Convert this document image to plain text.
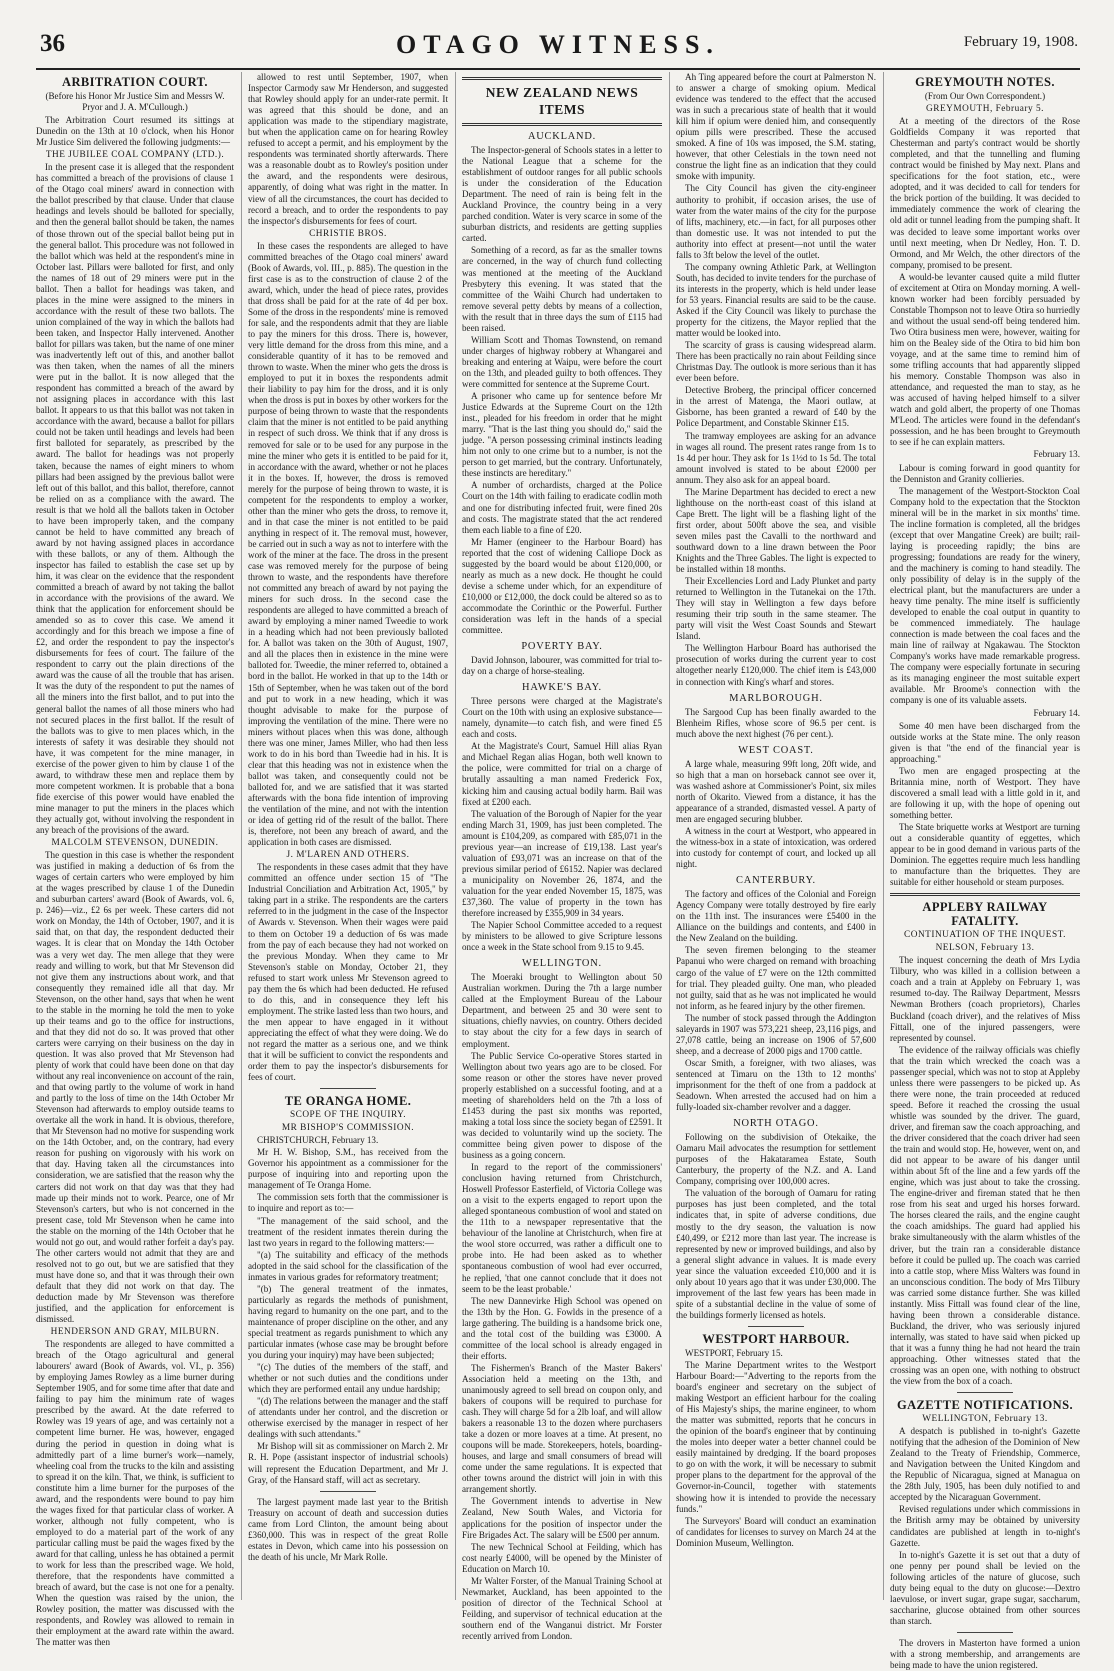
36	OTAGO WITNESS.	February 19, 1908.
ARBITRATION COURT.

(Before his Honor Mr Justice Sim and Messrs W. Pryor and J. A. M'Cullough.)

The Arbitration Court resumed its sittings at Dunedin on the 13th at 10 o'clock, when his Honor Mr Justice Sim delivered the following judgments:—

THE JUBILEE COAL COMPANY (LTD.).

In the present case it is alleged that the respondent has committed a breach of the provisions of clause 1 of the Otago coal miners' award in connection with the ballot prescribed by that clause. Under that clause headings and levels should be balloted for specially, and then the general ballot should be taken, the names of those thrown out of the special ballot being put in the general ballot. This procedure was not followed in the ballot which was held at the respondent's mine in October last. Pillars were balloted for first, and only the names of 18 out of 29 miners were put in the ballot. Then a ballot for headings was taken, and places in the mine were assigned to the miners in accordance with the result of these two ballots. The union complained of the way in which the ballots had been taken, and Inspector Hally intervened. Another ballot for pillars was taken, but the name of one miner was inadvertently left out of this, and another ballot was then taken, when the names of all the miners were put in the ballot. It is now alleged that the respondent has committed a breach of the award by not assigning places in accordance with this last ballot. It appears to us that this ballot was not taken in accordance with the award, because a ballot for pillars could not be taken until headings and levels had been first balloted for separately, as prescribed by the award. The ballot for headings was not properly taken, because the names of eight miners to whom pillars had been assigned by the previous ballot were left out of this ballot, and this ballot, therefore, cannot be relied on as a compliance with the award. The result is that we hold all the ballots taken in October to have been improperly taken, and the company cannot be held to have committed any breach of award by not having assigned places in accordance with these ballots, or any of them. Although the inspector has failed to establish the case set up by him, it was clear on the evidence that the respondent committed a breach of award by not taking the ballot in accordance with the provisions of the award. We think that the application for enforcement should be amended so as to cover this case. We amend it accordingly and for this breach we impose a fine of £2, and order the respondent to pay the inspector's disbursements for fees of court. The failure of the respondent to carry out the plain directions of the award was the cause of all the trouble that has arisen. It was the duty of the respondent to put the names of all the miners into the first ballot, and to put into the general ballot the names of all those miners who had not secured places in the first ballot. If the result of the ballots was to give to men places which, in the interests of safety it was desirable they should not have, it was competent for the mine manager, in exercise of the power given to him by clause 1 of the award, to withdraw these men and replace them by more competent workmen. It is probable that a bona fide exercise of this power would have enabled the mine manager to put the miners in the places which they actually got, without involving the respondent in any breach of the provisions of the award.

MALCOLM STEVENSON, DUNEDIN.

The question in this case is whether the respondent was justified in making a deduction of 6s from the wages of certain carters who were employed by him at the wages prescribed by clause 1 of the Dunedin and suburban carters' award (Book of Awards, vol. 6, p. 246)—viz., £2 6s per week. These carters did not work on Monday, the 14th of October, 1907, and it is said that, on that day, the respondent deducted their wages. It is clear that on Monday the 14th October was a very wet day. The men allege that they were ready and willing to work, but that Mr Stevenson did not give them any instructions about work, and that consequently they remained idle all that day. Mr Stevenson, on the other hand, says that when he went to the stable in the morning he told the men to yoke up their teams and go to the office for instructions, and that they did not do so. It was proved that other carters were carrying on their business on the day in question. It was also proved that Mr Stevenson had plenty of work that could have been done on that day without any real inconvenience on account of the rain, and that owing partly to the volume of work in hand and partly to the loss of time on the 14th October Mr Stevenson had afterwards to employ outside teams to overtake all the work in hand. It is obvious, therefore, that Mr Stevenson had no motive for suspending work on the 14th October, and, on the contrary, had every reason for pushing on vigorously with his work on that day. Having taken all the circumstances into consideration, we are satisfied that the reason why the carters did not work on that day was that they had made up their minds not to work. Pearce, one of Mr Stevenson's carters, but who is not concerned in the present case, told Mr Stevenson when he came into the stable on the morning of the 14th October that he would not go out, and would rather forfeit a day's pay. The other carters would not admit that they are and resolved not to go out, but we are satisfied that they must have done so, and that it was through their own default that they did not work on that day. The deduction made by Mr Stevenson was therefore justified, and the application for enforcement is dismissed.

HENDERSON AND GRAY, MILBURN.

The respondents are alleged to have committed a breach of the Otago agricultural and general labourers' award (Book of Awards, vol. VI., p. 356) by employing James Rowley as a lime burner during September 1905, and for some time after that date and failing to pay him the minimum rate of wages prescribed by the award. At the date referred to Rowley was 19 years of age, and was certainly not a competent lime burner. He was, however, engaged during the period in question in doing what is admittedly part of a lime burner's work—namely, wheeling coal from the trucks to the kiln and assisting to spread it on the kiln. That, we think, is sufficient to constitute him a lime burner for the purposes of the award, and the respondents were bound to pay him the wages fixed for that particular class of worker. A worker, although not fully competent, who is employed to do a material part of the work of any particular calling must be paid the wages fixed by the award for that calling, unless he has obtained a permit to work for less than the prescribed wage. We hold, therefore, that the respondents have committed a breach of award, but the case is not one for a penalty. When the question was raised by the union, the Rowley position, the matter was discussed with the respondents, and Rowley was allowed to remain in their employment at the award rate within the award. The matter was then

allowed to rest until September, 1907, when Inspector Carmody saw Mr Henderson, and suggested that Rowley should apply for an under-rate permit. It was agreed that this should be done, and an application was made to the stipendiary magistrate, but when the application came on for hearing Rowley refused to accept a permit, and his employment by the respondents was terminated shortly afterwards. There was a reasonable doubt as to Rowley's position under the award, and the respondents were desirous, apparently, of doing what was right in the matter. In view of all the circumstances, the court has decided to record a breach, and to order the respondents to pay the inspector's disbursements for fees of court.

CHRISTIE BROS.

In these cases the respondents are alleged to have committed breaches of the Otago coal miners' award (Book of Awards, vol. III., p. 885). The question in the first case is as to the construction of clause 2 of the award, which, under the head of piece rates, provides that dross shall be paid for at the rate of 4d per box. Some of the dross in the respondents' mine is removed for sale, and the respondents admit that they are liable to pay the miners for this dross. There is, however, very little demand for the dross from this mine, and a considerable quantity of it has to be removed and thrown to waste. When the miner who gets the dross is employed to put it in boxes the respondents admit their liability to pay him for the dross, and it is only when the dross is put in boxes by other workers for the purpose of being thrown to waste that the respondents claim that the miner is not entitled to be paid anything in respect of such dross. We think that if any dross is removed for sale or to be used for any purpose in the mine the miner who gets it is entitled to be paid for it, in accordance with the award, whether or not he places it in the boxes. If, however, the dross is removed merely for the purpose of being thrown to waste, it is competent for the respondents to employ a worker, other than the miner who gets the dross, to remove it, and in that case the miner is not entitled to be paid anything in respect of it. The removal must, however, be carried out in such a way as not to interfere with the work of the miner at the face. The dross in the present case was removed merely for the purpose of being thrown to waste, and the respondents have therefore not committed any breach of award by not paying the miners for such dross. In the second case the respondents are alleged to have committed a breach of award by employing a miner named Tweedie to work in a heading which had not been previously balloted for. A ballot was taken on the 30th of August, 1907, and all the places then in existence in the mine were balloted for. Tweedie, the miner referred to, obtained a bord in the ballot. He worked in that up to the 14th or 15th of September, when he was taken out of the bord and put to work in a new heading, which it was thought advisable to make for the purpose of improving the ventilation of the mine. There were no miners without places when this was done, although there was one miner, James Miller, who had then less work to do in his bord than Tweedie had in his. It is clear that this heading was not in existence when the ballot was taken, and consequently could not be balloted for, and we are satisfied that it was started afterwards with the bona fide intention of improving the ventilation of the mine, and not with the intention or idea of getting rid of the result of the ballot. There is, therefore, not been any breach of award, and the application in both cases are dismissed.

J. M'LAREN AND OTHERS.

The respondents in these cases admit that they have committed an offence under section 15 of "The Industrial Conciliation and Arbitration Act, 1905," by taking part in a strike. The respondents are the carters referred to in the judgment in the case of the Inspector of Awards v. Stevenson. When their wages were paid to them on October 19 a deduction of 6s was made from the pay of each because they had not worked on the previous Monday. When they came to Mr Stevenson's stable on Monday, October 21, they refused to start work unless Mr Stevenson agreed to pay them the 6s which had been deducted. He refused to do this, and in consequence they left his employment. The strike lasted less than two hours, and the men appear to have engaged in it without appreciating the effect of what they were doing. We do not regard the matter as a serious one, and we think that it will be sufficient to convict the respondents and order them to pay the inspector's disbursements for fees of court.

TE ORANGA HOME.
SCOPE OF THE INQUIRY.
MR BISHOP'S COMMISSION.

CHRISTCHURCH, February 13.

Mr H. W. Bishop, S.M., has received from the Governor his appointment as a commissioner for the purpose of inquiring into and reporting upon the management of Te Oranga Home.

The commission sets forth that the commissioner is to inquire and report as to:—

"The management of the said school, and the treatment of the resident inmates therein during the last two years in regard to the following matters:—

"(a) The suitability and efficacy of the methods adopted in the said school for the classification of the inmates in various grades for reformatory treatment;

"(b) The general treatment of the inmates, particularly as regards the methods of punishment, having regard to humanity on the one part, and to the maintenance of proper discipline on the other, and any special treatment as regards punishment to which any particular inmates (whose case may be brought before you during your inquiry) may have been subjected;

"(c) The duties of the members of the staff, and whether or not such duties and the conditions under which they are performed entail any undue hardship;

"(d) The relations between the manager and the staff of attendants under her control, and the discretion or otherwise exercised by the manager in respect of her dealings with such attendants."

Mr Bishop will sit as commissioner on March 2. Mr R. H. Pope (assistant inspector of industrial schools) will represent the Education Department, and Mr J. Gray, of the Hansard staff, will act as secretary.

The largest payment made last year to the British Treasury on account of death and succession duties came from Lord Clinton, the amount being about £360,000. This was in respect of the great Rolle estates in Devon, which came into his possession on the death of his uncle, Mr Mark Rolle.

NEW ZEALAND NEWS ITEMS
AUCKLAND.

The Inspector-general of Schools states in a letter to the National League that a scheme for the establishment of outdoor ranges for all public schools is under the consideration of the Education Department. The need of rain is being felt in the Auckland Province, the country being in a very parched condition. Water is very scarce in some of the suburban districts, and residents are getting supplies carted.

Something of a record, as far as the smaller towns are concerned, in the way of church fund collecting was mentioned at the meeting of the Auckland Presbytery this evening. It was stated that the committee of the Waihi Church had undertaken to remove several petty debts by means of a collection, with the result that in three days the sum of £115 had been raised.

William Scott and Thomas Townstend, on remand under charges of highway robbery at Whangarei and breaking and entering at Waipu, were before the court on the 13th, and pleaded guilty to both offences. They were committed for sentence at the Supreme Court.

A prisoner who came up for sentence before Mr Justice Edwards at the Supreme Court on the 12th inst., pleaded for his freedom in order that he might marry. "That is the last thing you should do," said the judge. "A person possessing criminal instincts leading him not only to one crime but to a number, is not the person to get married, but the contrary. Unfortunately, these instincts are hereditary."

A number of orchardists, charged at the Police Court on the 14th with failing to eradicate codlin moth and one for distributing infected fruit, were fined 20s and costs. The magistrate stated that the act rendered them each liable to a fine of £20.

Mr Hamer (engineer to the Harbour Board) has reported that the cost of widening Calliope Dock as suggested by the board would be about £120,000, or nearly as much as a new dock. He thought he could devise a scheme under which, for an expenditure of £10,000 or £12,000, the dock could be altered so as to accommodate the Corinthic or the Powerful. Further consideration was left in the hands of a special committee.

POVERTY BAY.

David Johnson, labourer, was committed for trial to-day on a charge of horse-stealing.

HAWKE'S BAY.

Three persons were charged at the Magistrate's Court on the 10th with using an explosive substance—namely, dynamite—to catch fish, and were fined £5 each and costs.

At the Magistrate's Court, Samuel Hill alias Ryan and Michael Regan alias Hogan, both well known to the police, were committed for trial on a charge of brutally assaulting a man named Frederick Fox, kicking him and causing actual bodily harm. Bail was fixed at £200 each.

The valuation of the Borough of Napier for the year ending March 31, 1909, has just been completed. The amount is £104,209, as compared with £85,071 in the previous year—an increase of £19,138. Last year's valuation of £93,071 was an increase on that of the previous similar period of £6152. Napier was declared a municipality on November 26, 1874, and the valuation for the year ended November 15, 1875, was £37,360. The value of property in the town has therefore increased by £355,909 in 34 years.

The Napier School Committee acceded to a request by ministers to be allowed to give Scripture lessons once a week in the State school from 9.15 to 9.45.

WELLINGTON.

The Moeraki brought to Wellington about 50 Australian workmen. During the 7th a large number called at the Employment Bureau of the Labour Department, and between 25 and 30 were sent to situations, chiefly navvies, on country. Others decided to stay about the city for a few days in search of employment.

The Public Service Co-operative Stores started in Wellington about two years ago are to be closed. For some reason or other the stores have never proved properly established on a successful footing, and at a meeting of shareholders held on the 7th a loss of £1453 during the past six months was reported, making a total loss since the society began of £2591. It was decided to voluntarily wind up the society. The committee being given power to dispose of the business as a going concern.

In regard to the report of the commissioners' conclusion having returned from Christchurch, Hoswell Professor Easterfield, of Victoria College was on a visit to the experts engaged to report upon the alleged spontaneous combustion of wool and stated on the 11th to a newspaper representative that the behaviour of the lanoline at Christchurch, when fire at the wool store occurred, was rather a difficult one to probe into. He had been asked as to whether spontaneous combustion of wool had ever occurred, he replied, 'that one cannot conclude that it does not seem to be the least probable.'

The new Dannevirke High School was opened on the 13th by the Hon. G. Fowlds in the presence of a large gathering. The building is a handsome brick one, and the total cost of the building was £3000. A committee of the local school is already engaged in their efforts.

The Fishermen's Branch of the Master Bakers' Association held a meeting on the 13th, and unanimously agreed to sell bread on coupon only, and bakers of coupons will be required to purchase for cash. They will charge 5d for a 2lb loaf, and will allow bakers a reasonable 13 to the dozen where purchasers take a dozen or more loaves at a time. At present, no coupons will be made. Storekeepers, hotels, boarding-houses, and large and small consumers of bread will come under the same regulations. It is expected that other towns around the district will join in with this arrangement shortly.

The Government intends to advertise in New Zealand, New South Wales, and Victoria for applications for the position of inspector under the Fire Brigades Act. The salary will be £500 per annum.

The new Technical School at Feilding, which has cost nearly £4000, will be opened by the Minister of Education on March 10.

Mr Walter Forster, of the Manual Training School at Newmarket, Auckland, has been appointed to the position of director of the Technical School at Feilding, and supervisor of technical education at the southern end of the Wanganui district. Mr Forster recently arrived from London.

Ah Ting appeared before the court at Palmerston N. to answer a charge of smoking opium. Medical evidence was tendered to the effect that the accused was in such a precarious state of health that it would kill him if opium were denied him, and consequently opium pills were prescribed. These the accused smoked. A fine of 10s was imposed, the S.M. stating, however, that other Celestials in the town need not construe the light fine as an indication that they could smoke with impunity.

The City Council has given the city-engineer authority to prohibit, if occasion arises, the use of water from the water mains of the city for the purpose of lifts, machinery, etc.—in fact, for all purposes other than domestic use. It was not intended to put the authority into effect at present—not until the water falls to 3ft below the level of the outlet.

The company owning Athletic Park, at Wellington South, has decided to invite tenders for the purchase of its interests in the property, which is held under lease for 53 years. Financial results are said to be the cause. Asked if the City Council was likely to purchase the property for the citizens, the Mayor replied that the matter would be looked into.

The scarcity of grass is causing widespread alarm. There has been practically no rain about Feilding since Christmas Day. The outlook is more serious than it has ever been before.

Detective Broberg, the principal officer concerned in the arrest of Matenga, the Maori outlaw, at Gisborne, has been granted a reward of £40 by the Police Department, and Constable Skinner £15.

The tramway employees are asking for an advance in wages all round. The present rates range from 1s to 1s 4d per hour. They ask for 1s 1½d to 1s 5d. The total amount involved is stated to be about £2000 per annum. They also ask for an appeal board.

The Marine Department has decided to erect a new lighthouse on the north-east coast of this island at Cape Brett. The light will be a flashing light of the first order, about 500ft above the sea, and visible seven miles past the Cavalli to the northward and southward down to a line drawn between the Poor Knights and the Three Gables. The light is expected to be installed within 18 months.

Their Excellencies Lord and Lady Plunket and party returned to Wellington in the Tutanekai on the 17th. They will stay in Wellington a few days before resuming their trip south in the same steamer. The party will visit the West Coast Sounds and Stewart Island.

The Wellington Harbour Board has authorised the prosecution of works during the current year to cost altogether nearly £120,000. The chief item is £43,000 in connection with King's wharf and stores.

MARLBOROUGH.

The Sargood Cup has been finally awarded to the Blenheim Rifles, whose score of 96.5 per cent. is much above the next highest (76 per cent.).

WEST COAST.

A large whale, measuring 99ft long, 20ft wide, and so high that a man on horseback cannot see over it, was washed ashore at Commissioner's Point, six miles north of Okarito. Viewed from a distance, it has the appearance of a stranded, dismasted vessel. A party of men are engaged securing blubber.

A witness in the court at Westport, who appeared in the witness-box in a state of intoxication, was ordered into custody for contempt of court, and locked up all night.

CANTERBURY.

The factory and offices of the Colonial and Foreign Agency Company were totally destroyed by fire early on the 11th inst. The insurances were £5400 in the Alliance on the buildings and contents, and £400 in the New Zealand on the building.

The seven firemen belonging to the steamer Papanui who were charged on remand with broaching cargo of the value of £7 were on the 12th committed for trial. They pleaded guilty. One man, who pleaded not guilty, said that as he was not implicated he would not inform, as he feared injury by the other firemen.

The number of stock passed through the Addington saleyards in 1907 was 573,221 sheep, 23,116 pigs, and 27,078 cattle, being an increase on 1906 of 57,600 sheep, and a decrease of 2000 pigs and 1700 cattle.

Oscar Smith, a foreigner, with two aliases, was sentenced at Timaru on the 13th to 12 months' imprisonment for the theft of one from a paddock at Seadown. When arrested the accused had on him a fully-loaded six-chamber revolver and a dagger.

NORTH OTAGO.

Following on the subdivision of Otekaike, the Oamaru Mail advocates the resumption for settlement purposes of the Hakataramea Estate, South Canterbury, the property of the N.Z. and A. Land Company, comprising over 100,000 acres.

The valuation of the borough of Oamaru for rating purposes has just been completed, and the total indicates that, in spite of adverse conditions, due mostly to the dry season, the valuation is now £40,499, or £212 more than last year. The increase is represented by new or improved buildings, and also by a general slight advance in values. It is made every year since the valuation exceeded £10,000 and it is only about 10 years ago that it was under £30,000. The improvement of the last few years has been made in spite of a substantial decline in the value of some of the buildings formerly licensed as hotels.

WESTPORT HARBOUR.

WESTPORT, February 15.

The Marine Department writes to the Westport Harbour Board:—"Adverting to the reports from the board's engineer and secretary on the subject of making Westport an efficient harbour for the coaling of His Majesty's ships, the marine engineer, to whom the matter was submitted, reports that he concurs in the opinion of the board's engineer that by continuing the moles into deeper water a better channel could be easily maintained by dredging. If the board proposes to go on with the work, it will be necessary to submit proper plans to the department for the approval of the Governor-in-Council, together with statements showing how it is intended to provide the necessary funds."

The Surveyors' Board will conduct an examination of candidates for licenses to survey on March 24 at the Dominion Museum, Wellington.

GREYMOUTH NOTES.

(From Our Own Correspondent.)

GREYMOUTH, February 5.

At a meeting of the directors of the Rose Goldfields Company it was reported that Chesterman and party's contract would be shortly completed, and that the tunnelling and fluming contract would be finished by May next. Plans and specifications for the foot station, etc., were adopted, and it was decided to call for tenders for the brick portion of the building. It was decided to immediately commence the work of clearing the old adit or tunnel leading from the pumping shaft. It was decided to leave some important works over until next meeting, when Dr Nedley, Hon. T. D. Ormond, and Mr Welch, the other directors of the company, promised to be present.

A would-be levanter caused quite a mild flutter of excitement at Otira on Monday morning. A well-known worker had been forcibly persuaded by Constable Thompson not to leave Otira so hurriedly and without the usual send-off being tendered him. Two Otira business men were, however, waiting for him on the Bealey side of the Otira to bid him bon voyage, and at the same time to remind him of some trifling accounts that had apparently slipped his memory. Constable Thompson was also in attendance, and requested the man to stay, as he was accused of having helped himself to a silver watch and gold albert, the property of one Thomas M'Leod. The articles were found in the defendant's possession, and he has been brought to Greymouth to see if he can explain matters.

February 13.

Labour is coming forward in good quantity for the Denniston and Granity collieries.

The management of the Westport-Stockton Coal Company hold to the expectation that the Stockton mineral will be in the market in six months' time. The incline formation is completed, all the bridges (except that over Mangatine Creek) are built; rail-laying is proceeding rapidly; the bins are progressing; foundations are ready for the winery, and the machinery is coming to hand steadily. The only possibility of delay is in the supply of the electrical plant, but the manufacturers are under a heavy time penalty. The mine itself is sufficiently developed to enable the coal output in quantity to be commenced immediately. The haulage connection is made between the coal faces and the main line of railway at Ngakawau. The Stockton Company's works have made remarkable progress. The company were especially fortunate in securing as its managing engineer the most suitable expert available. Mr Broome's connection with the company is one of its valuable assets.

February 14.

Some 40 men have been discharged from the outside works at the State mine. The only reason given is that "the end of the financial year is approaching."

Two men are engaged prospecting at the Britannia mine, north of Westport. They have discovered a small lead with a little gold in it, and are following it up, with the hope of opening out something better.

The State briquette works at Westport are turning out a considerable quantity of eggettes, which appear to be in good demand in various parts of the Dominion. The eggettes require much less handling to manufacture than the briquettes. They are suitable for either household or steam purposes.

APPLEBY RAILWAY FATALITY.
CONTINUATION OF THE INQUEST.
NELSON, February 13.

The inquest concerning the death of Mrs Lydia Tilbury, who was killed in a collision between a coach and a train at Appleby on February 1, was resumed to-day. The Railway Department, Messrs Newman Brothers (coach proprietors), Charles Buckland (coach driver), and the relatives of Miss Fittall, one of the injured passengers, were represented by counsel.

The evidence of the railway officials was chiefly that the train which wrecked the coach was a passenger special, which was not to stop at Appleby unless there were passengers to be picked up. As there were none, the train proceeded at reduced speed. Before it reached the crossing the usual whistle was sounded by the driver. The guard, driver, and fireman saw the coach approaching, and the driver considered that the coach driver had seen the train and would stop. He, however, went on, and did not appear to be aware of his danger until within about 5ft of the line and a few yards off the engine, which was just about to take the crossing. The engine-driver and fireman stated that he then rose from his seat and urged his horses forward. The horses cleared the rails, and the engine caught the coach amidships. The guard had applied his brake simultaneously with the alarm whistles of the driver, but the train ran a considerable distance before it could be pulled up. The coach was carried into a cattle stop, where Miss Walters was found in an unconscious condition. The body of Mrs Tilbury was carried some distance further. She was killed instantly. Miss Fittall was found clear of the line, having been thrown a considerable distance. Buckland, the driver, who was seriously injured internally, was stated to have said when picked up that it was a funny thing he had not heard the train approaching. Other witnesses stated that the crossing was an open one, with nothing to obstruct the view from the box of a coach.

GAZETTE NOTIFICATIONS.
WELLINGTON, February 13.

A despatch is published in to-night's Gazette notifying that the adhesion of the Dominion of New Zealand to the Treaty of Friendship, Commerce, and Navigation between the United Kingdom and the Republic of Nicaragua, signed at Managua on the 28th July, 1905, has been duly notified to and accepted by the Nicaraguan Government.

Revised regulations under which commissions in the British army may be obtained by university candidates are published at length in to-night's Gazette.

In to-night's Gazette it is set out that a duty of one penny per pound shall be levied on the following articles of the nature of glucose, such duty being equal to the duty on glucose:—Dextro laevulose, or invert sugar, grape sugar, saccharum, saccharine, glucose obtained from other sources than starch.

The drovers in Masterton have formed a union with a strong membership, and arrangements are being made to have the union registered.
